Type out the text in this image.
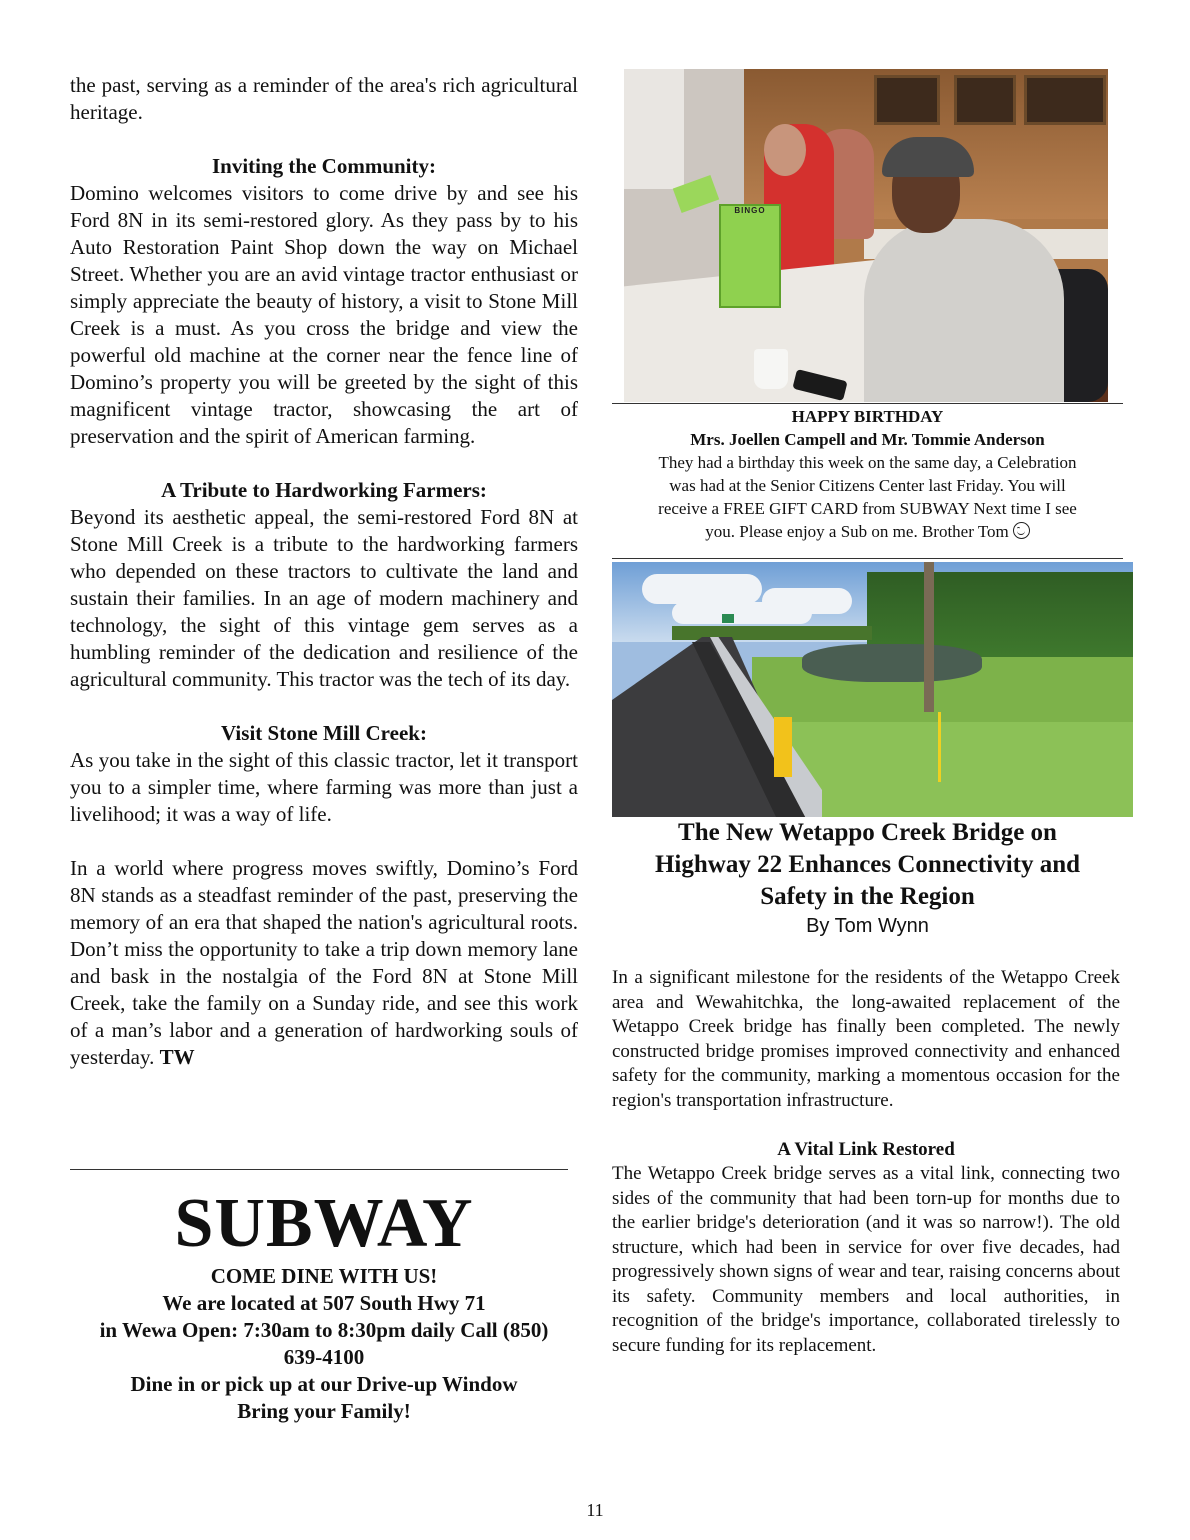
the past, serving as a reminder of the area's rich agricultural heritage.

Inviting the Community:

Domino welcomes visitors to come drive by and see his Ford 8N in its semi-restored glory. As they pass by to his Auto Restoration Paint Shop down the way on Michael Street. Whether you are an avid vintage tractor enthusiast or simply appreciate the beauty of history, a visit to Stone Mill Creek is a must. As you cross the bridge and view the powerful old machine at the corner near the fence line of Domino’s property you will be greeted by the sight of this magnificent vintage tractor, showcasing the art of preservation and the spirit of American farming.

A Tribute to Hardworking Farmers:

Beyond its aesthetic appeal, the semi-restored Ford 8N at Stone Mill Creek is a tribute to the hardworking farmers who depended on these tractors to cultivate the land and sustain their families. In an age of modern machinery and technology, the sight of this vintage gem serves as a humbling reminder of the dedication and resilience of the agricultural community. This tractor was the tech of its day.

Visit Stone Mill Creek:

As you take in the sight of this classic tractor, let it transport you to a simpler time, where farming was more than just a livelihood; it was a way of life.

In a world where progress moves swiftly, Domino’s Ford 8N stands as a steadfast reminder of the past, preserving the memory of an era that shaped the nation's agricultural roots. Don’t miss the opportunity to take a trip down memory lane and bask in the nostalgia of the Ford 8N at Stone Mill Creek, take the family on a Sunday ride, and see this work of a man’s labor and a generation of hardworking souls of yesterday. TW

SUBWAY
COME DINE WITH US!
We are located at 507 South Hwy 71
in Wewa Open: 7:30am to 8:30pm daily Call (850)
639-4100
Dine in or pick up at our Drive-up Window
Bring your Family!
BINGO
HAPPY BIRTHDAY
Mrs. Joellen Campell and Mr. Tommie Anderson
They had a birthday this week on the same day, a Celebration
was had at the Senior Citizens Center last Friday. You will
receive a FREE GIFT CARD from SUBWAY Next time I see
you. Please enjoy a Sub on me. Brother Tom
The New Wetappo Creek Bridge on
Highway 22 Enhances Connectivity and
Safety in the Region
By Tom Wynn

In a significant milestone for the residents of the Wetappo Creek area and Wewahitchka, the long-awaited replacement of the Wetappo Creek bridge has finally been completed. The newly constructed bridge promises improved connectivity and enhanced safety for the community, marking a momentous occasion for the region's transportation infrastructure.

A Vital Link Restored

The Wetappo Creek bridge serves as a vital link, connecting two sides of the community that had been torn-up for months due to the earlier bridge's deterioration (and it was so narrow!). The old structure, which had been in service for over five decades, had progressively shown signs of wear and tear, raising concerns about its safety. Community members and local authorities, in recognition of the bridge's importance, collaborated tirelessly to secure funding for its replacement.

11
